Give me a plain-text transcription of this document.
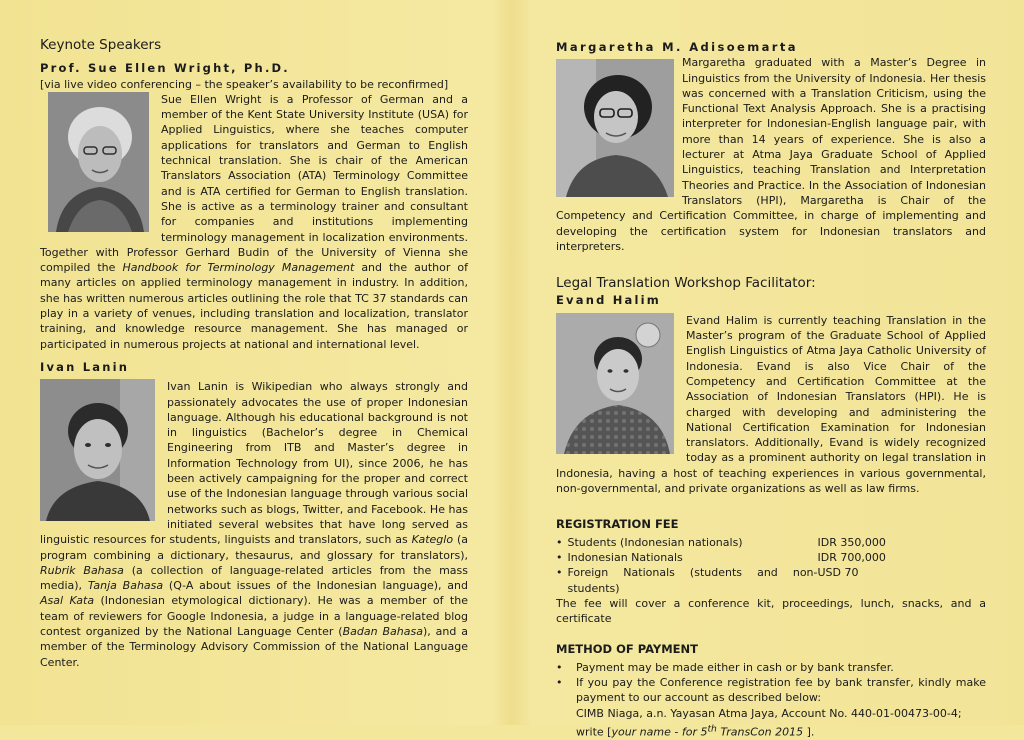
Keynote Speakers

Prof. Sue Ellen Wright, Ph.D.

[via live video conferencing – the speaker’s availability to be reconfirmed]

Sue Ellen Wright is a Professor of German and a member of the Kent State University Institute (USA) for Applied Linguistics, where she teaches computer applications for translators and German to English technical translation. She is chair of the American Translators Association (ATA) Terminology Committee and is ATA certified for German to English translation. She is active as a terminology trainer and consultant for companies and institutions implementing terminology management in localization environments. Together with Professor Gerhard Budin of the University of Vienna she compiled the Handbook for Terminology Management and the author of many articles on applied terminology management in industry. In addition, she has written numerous articles outlining the role that TC 37 standards can play in a variety of venues, including translation and localization, translator training, and knowledge resource management. She has managed or participated in numerous projects at national and international level.

Ivan Lanin

Ivan Lanin is Wikipedian who always strongly and passionately advocates the use of proper Indonesian language. Although his educational background is not in linguistics (Bachelor’s degree in Chemical Engineering from ITB and Master’s degree in Information Technology from UI), since 2006, he has been actively campaigning for the proper and correct use of the Indonesian language through various social networks such as blogs, Twitter, and Facebook. He has initiated several websites that have long served as linguistic resources for students, linguists and translators, such as Kateglo (a program combining a dictionary, thesaurus, and glossary for translators), Rubrik Bahasa (a collection of language-related articles from the mass media), Tanja Bahasa (Q-A about issues of the Indonesian language), and Asal Kata (Indonesian etymological dictionary). He was a member of the team of reviewers for Google Indonesia, a judge in a language-related blog contest organized by the National Language Center (Badan Bahasa), and a member of the Terminology Advisory Commission of the National Language Center.

Margaretha M. Adisoemarta

Margaretha graduated with a Master’s Degree in Linguistics from the University of Indonesia. Her thesis was concerned with a Translation Criticism, using the Functional Text Analysis Approach. She is a practising interpreter for Indonesian-English language pair, with more than 14 years of experience. She is also a lecturer at Atma Jaya Graduate School of Applied Linguistics, teaching Translation and Interpretation Theories and Practice. In the Association of Indonesian Translators (HPI), Margaretha is Chair of the Competency and Certification Committee, in charge of implementing and developing the certification system for Indonesian translators and interpreters.

Legal Translation Workshop Facilitator:

Evand Halim

Evand Halim is currently teaching Translation in the Master’s program of the Graduate School of Applied English Linguistics of Atma Jaya Catholic University of Indonesia. Evand is also Vice Chair of the Competency and Certification Committee at the Association of Indonesian Translators (HPI). He is charged with developing and administering the National Certification Examination for Indonesian translators. Additionally, Evand is widely recognized today as a prominent authority on legal translation in Indonesia, having a host of teaching experiences in various governmental, non-governmental, and private organizations as well as law firms.

REGISTRATION FEE

• Students (Indonesian nationals)	IDR 350,000
• Indonesian Nationals	IDR 700,000
• Foreign Nationals (students and non-students)
USD 70

The fee will cover a conference kit, proceedings, lunch, snacks, and a certificate

METHOD OF PAYMENT

• Payment may be made either in cash or by bank transfer.
• If you pay the Conference registration fee by bank transfer, kindly make payment to our account as described below:
CIMB Niaga, a.n. Yayasan Atma Jaya, Account No. 440-01-00473-00-4;
write [your name - for 5th TransCon 2015 ].
